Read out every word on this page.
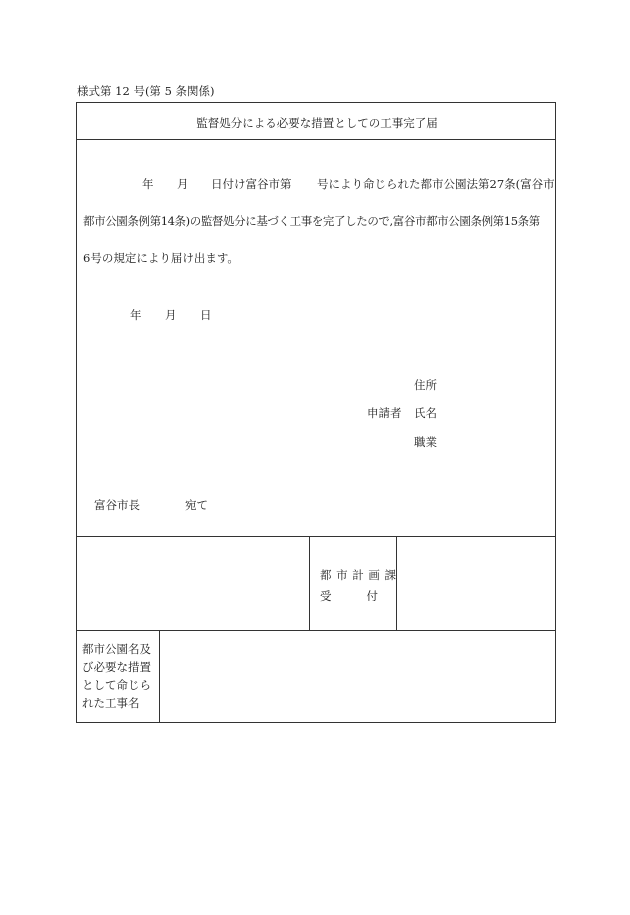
様式第 12 号(第 5 条関係)
監督処分による必要な措置としての工事完了届
年 月 日付け富谷市第 号により命じられた都市公園法第27条(富谷市
都市公園条例第14条)の監督処分に基づく工事を完了したので,富谷市都市公園条例第15条第
6号の規定により届け出ます。
年 月 日
住所
申請者 氏名
職業
富谷市長	宛て
都 市 計 画 課
受	付
都市公園名及
び必要な措置
として命じら
れた工事名
